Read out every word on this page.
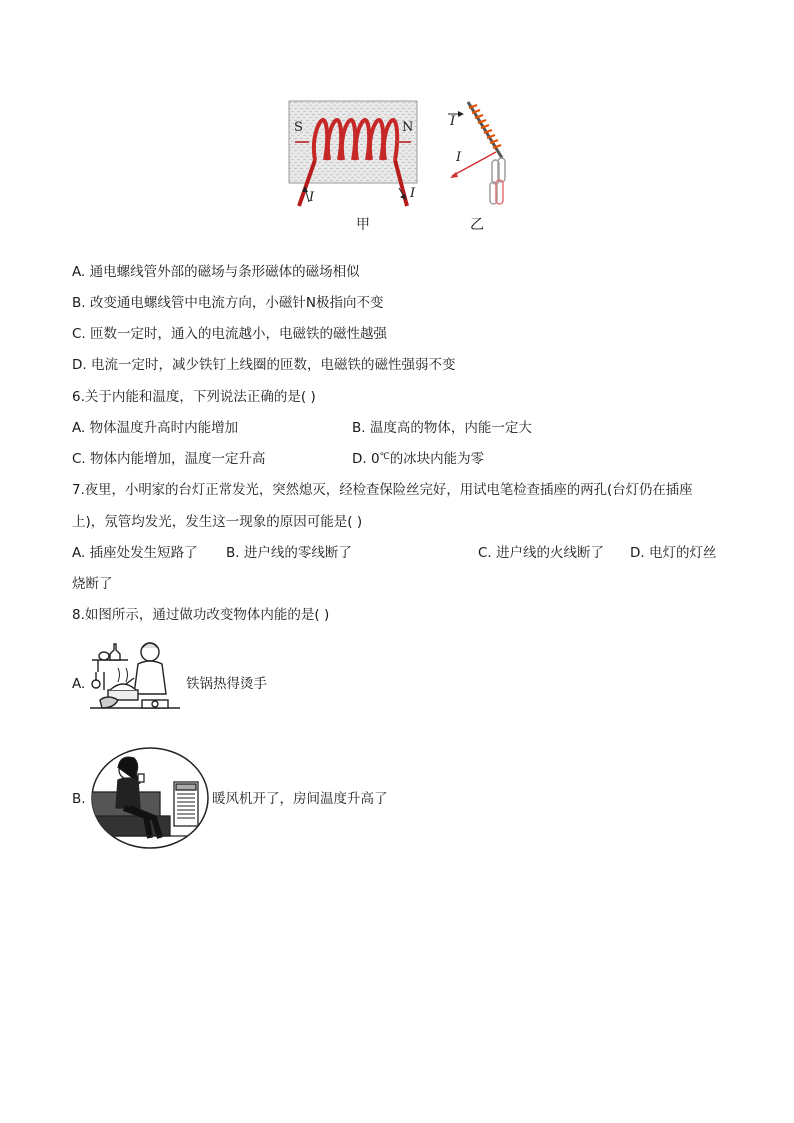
S	N
I	I
甲
I
I
乙
A. 通电螺线管外部的磁场与条形磁体的磁场相似
B. 改变通电螺线管中电流方向，小磁针N极指向不变
C. 匝数一定时，通入的电流越小，电磁铁的磁性越强
D. 电流一定时，减少铁钉上线圈的匝数，电磁铁的磁性强弱不变
6.关于内能和温度，下列说法正确的是( )
A. 物体温度升高时内能增加	B. 温度高的物体，内能一定大
C. 物体内能增加，温度一定升高	D. 0℃的冰块内能为零
7.夜里，小明家的台灯正常发光，突然熄灭，经检查保险丝完好，用试电笔检查插座的两孔(台灯仍在插座
上)，氖管均发光，发生这一现象的原因可能是( )
A. 插座处发生短路了 B. 进户线的零线断了	C. 进户线的火线断了 D. 电灯的灯丝
烧断了
8.如图所示，通过做功改变物体内能的是( )
A.	铁锅热得烫手
B.	暖风机开了，房间温度升高了
